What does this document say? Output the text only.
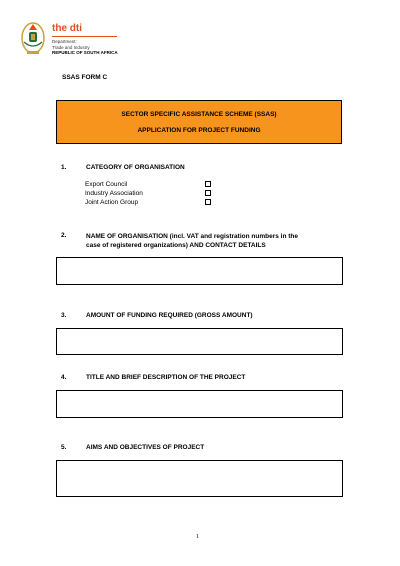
the dti
Department:
Trade and Industry
REPUBLIC OF SOUTH AFRICA
SSAS FORM C
SECTOR SPECIFIC ASSISTANCE SCHEME (SSAS)
APPLICATION FOR PROJECT FUNDING
1.	CATEGORY OF ORGANISATION
Export Council
Industry Association
Joint Action Group
2.	NAME OF ORGANISATION (incl. VAT and registration numbers in the
case of registered organizations) AND CONTACT DETAILS
3.	AMOUNT OF FUNDING REQUIRED (GROSS AMOUNT)
4.	TITLE AND BRIEF DESCRIPTION OF THE PROJECT
5.	AIMS AND OBJECTIVES OF PROJECT
1
